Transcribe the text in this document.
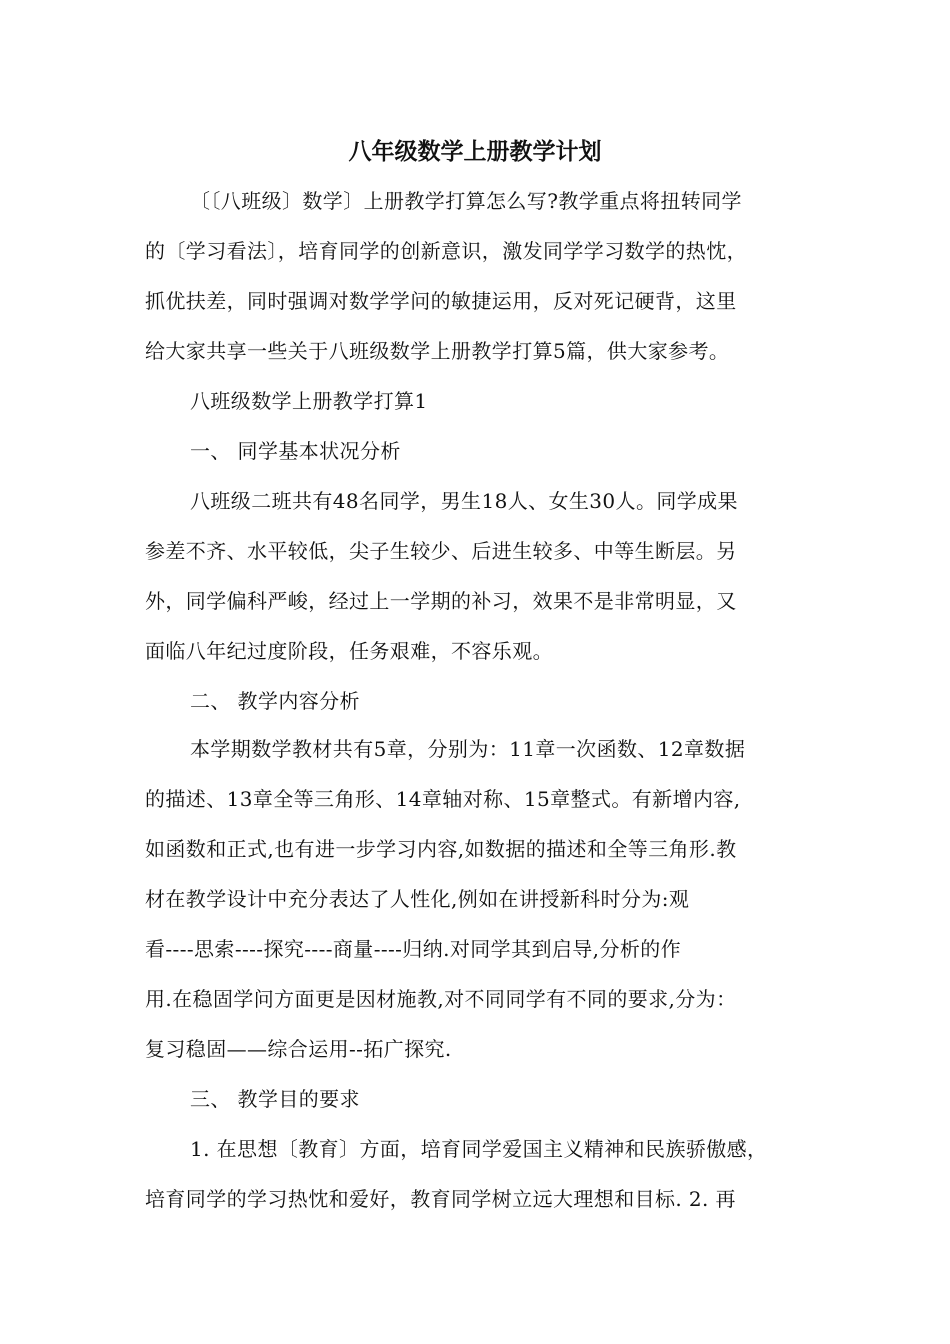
八年级数学上册教学计划
〔〔八班级〕数学〕上册教学打算怎么写?教学重点将扭转同学
的〔学习看法〕，培育同学的创新意识，激发同学学习数学的热忱，
抓优扶差，同时强调对数学学问的敏捷运用，反对死记硬背，这里
给大家共享一些关于八班级数学上册教学打算5篇，供大家参考。
八班级数学上册教学打算1
一、 同学基本状况分析
八班级二班共有48名同学，男生18人、女生30人。同学成果
参差不齐、水平较低，尖子生较少、后进生较多、中等生断层。另
外，同学偏科严峻，经过上一学期的补习，效果不是非常明显，又
面临八年纪过度阶段，任务艰难，不容乐观。
二、 教学内容分析
本学期数学教材共有5章，分别为：11章一次函数、12章数据
的描述、13章全等三角形、14章轴对称、15章整式。有新增内容,
如函数和正式,也有进一步学习内容,如数据的描述和全等三角形.教
材在教学设计中充分表达了人性化,例如在讲授新科时分为:观
看----思索----探究----商量----归纳.对同学其到启导,分析的作
用.在稳固学问方面更是因材施教,对不同同学有不同的要求,分为：
复习稳固——综合运用--拓广探究.
三、 教学目的要求
1. 在思想〔教育〕方面，培育同学爱国主义精神和民族骄傲感，
培育同学的学习热忱和爱好，教育同学树立远大理想和目标. 2. 再
